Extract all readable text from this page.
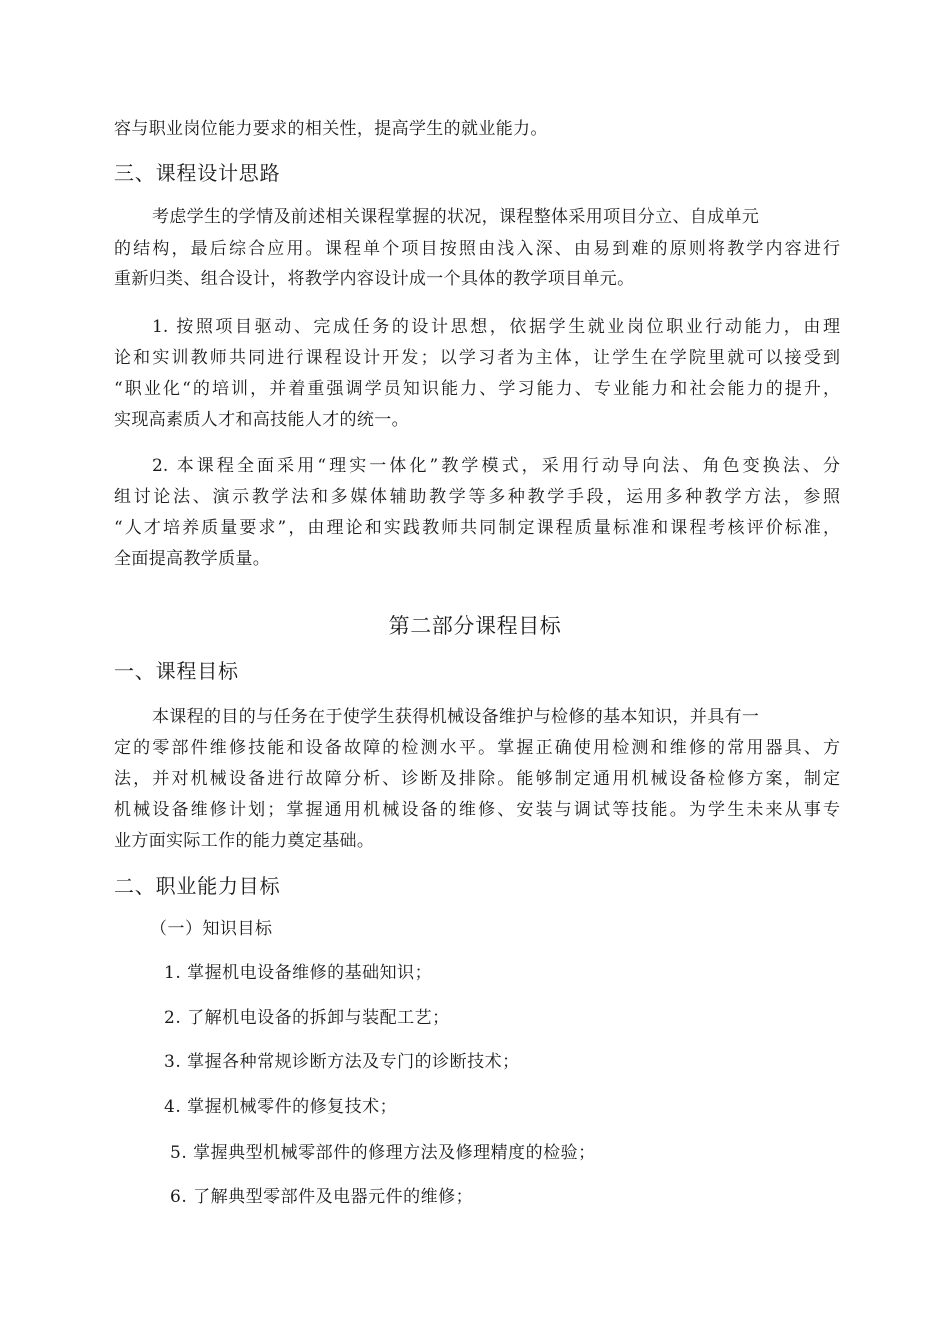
容与职业岗位能力要求的相关性，提高学生的就业能力。
三、课程设计思路
考虑学生的学情及前述相关课程掌握的状况，课程整体采用项目分立、自成单元
的结构，最后综合应用。课程单个项目按照由浅入深、由易到难的原则将教学内容进行
重新归类、组合设计，将教学内容设计成一个具体的教学项目单元。
1. 按照项目驱动、完成任务的设计思想，依据学生就业岗位职业行动能力，由理
论和实训教师共同进行课程设计开发；以学习者为主体，让学生在学院里就可以接受到
“职业化“的培训，并着重强调学员知识能力、学习能力、专业能力和社会能力的提升，
实现高素质人才和高技能人才的统一。
2. 本课程全面采用“理实一体化”教学模式，采用行动导向法、角色变换法、分
组讨论法、演示教学法和多媒体辅助教学等多种教学手段，运用多种教学方法，参照
“人才培养质量要求”，由理论和实践教师共同制定课程质量标准和课程考核评价标准，
全面提高教学质量。
第二部分课程目标
一、课程目标
本课程的目的与任务在于使学生获得机械设备维护与检修的基本知识，并具有一
定的零部件维修技能和设备故障的检测水平。掌握正确使用检测和维修的常用器具、方
法，并对机械设备进行故障分析、诊断及排除。能够制定通用机械设备检修方案，制定
机械设备维修计划；掌握通用机械设备的维修、安装与调试等技能。为学生未来从事专
业方面实际工作的能力奠定基础。
二、职业能力目标
（一）知识目标
1. 掌握机电设备维修的基础知识；
2. 了解机电设备的拆卸与装配工艺；
3. 掌握各种常规诊断方法及专门的诊断技术；
4. 掌握机械零件的修复技术；
5. 掌握典型机械零部件的修理方法及修理精度的检验；
6. 了解典型零部件及电器元件的维修；
